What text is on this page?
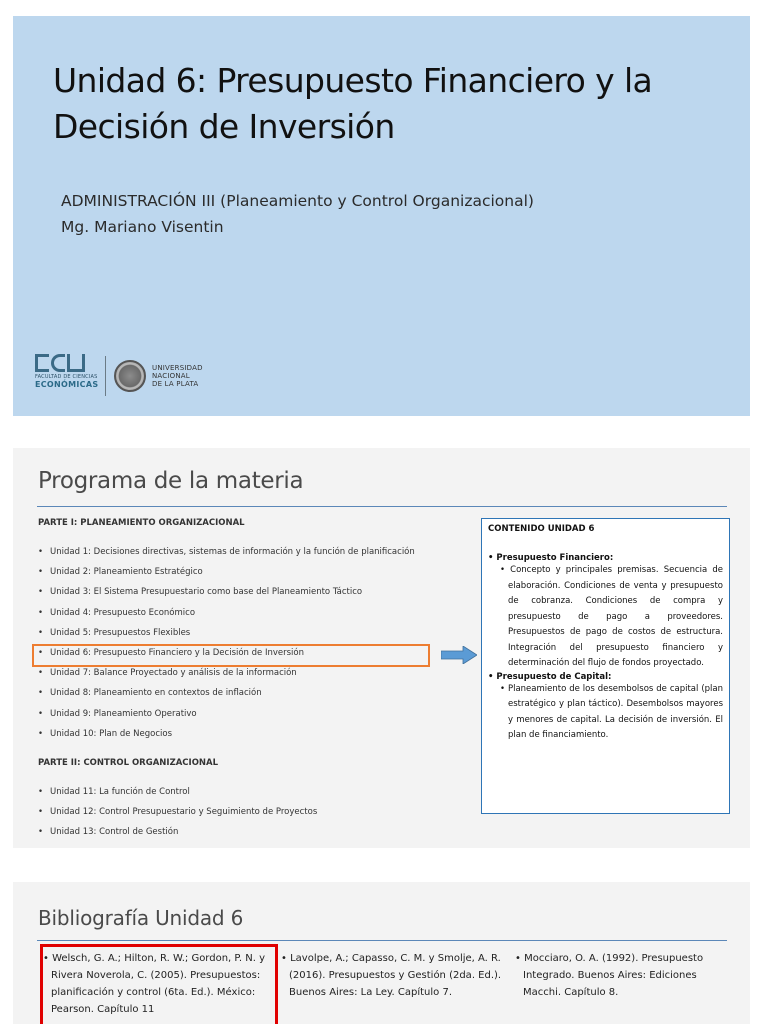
Unidad 6: Presupuesto Financiero y la Decisión de Inversión
ADMINISTRACIÓN III (Planeamiento y Control Organizacional)
Mg. Mariano Visentin
FACULTAD DE CIENCIAS
ECONÓMICAS
UNIVERSIDAD
NACIONAL
DE LA PLATA
Programa de la materia
PARTE I: PLANEAMIENTO ORGANIZACIONAL
• Unidad 1: Decisiones directivas, sistemas de información y la función de planificación
• Unidad 2: Planeamiento Estratégico
• Unidad 3: El Sistema Presupuestario como base del Planeamiento Táctico
• Unidad 4: Presupuesto Económico
• Unidad 5: Presupuestos Flexibles
• Unidad 6: Presupuesto Financiero y la Decisión de Inversión
• Unidad 7: Balance Proyectado y análisis de la información
• Unidad 8: Planeamiento en contextos de inflación
• Unidad 9: Planeamiento Operativo
• Unidad 10: Plan de Negocios
PARTE II: CONTROL ORGANIZACIONAL
• Unidad 11: La función de Control
• Unidad 12: Control Presupuestario y Seguimiento de Proyectos
• Unidad 13: Control de Gestión
CONTENIDO UNIDAD 6
• Presupuesto Financiero:
• Concepto y principales premisas. Secuencia de elaboración. Condiciones de venta y presupuesto de cobranza. Condiciones de compra y presupuesto de pago a proveedores. Presupuestos de pago de costos de estructura. Integración del presupuesto financiero y determinación del flujo de fondos proyectado.
• Presupuesto de Capital:
• Planeamiento de los desembolsos de capital (plan estratégico y plan táctico). Desembolsos mayores y menores de capital. La decisión de inversión. El plan de financiamiento.
Bibliografía Unidad 6
• Welsch, G. A.; Hilton, R. W.; Gordon, P. N. y Rivera Noverola, C. (2005). Presupuestos: planificación y control (6ta. Ed.). México: Pearson. Capítulo 11
• Lavolpe, A.; Capasso, C. M. y Smolje, A. R. (2016). Presupuestos y Gestión (2da. Ed.). Buenos Aires: La Ley. Capítulo 7.
• Mocciaro, O. A. (1992). Presupuesto Integrado. Buenos Aires: Ediciones Macchi. Capítulo 8.
